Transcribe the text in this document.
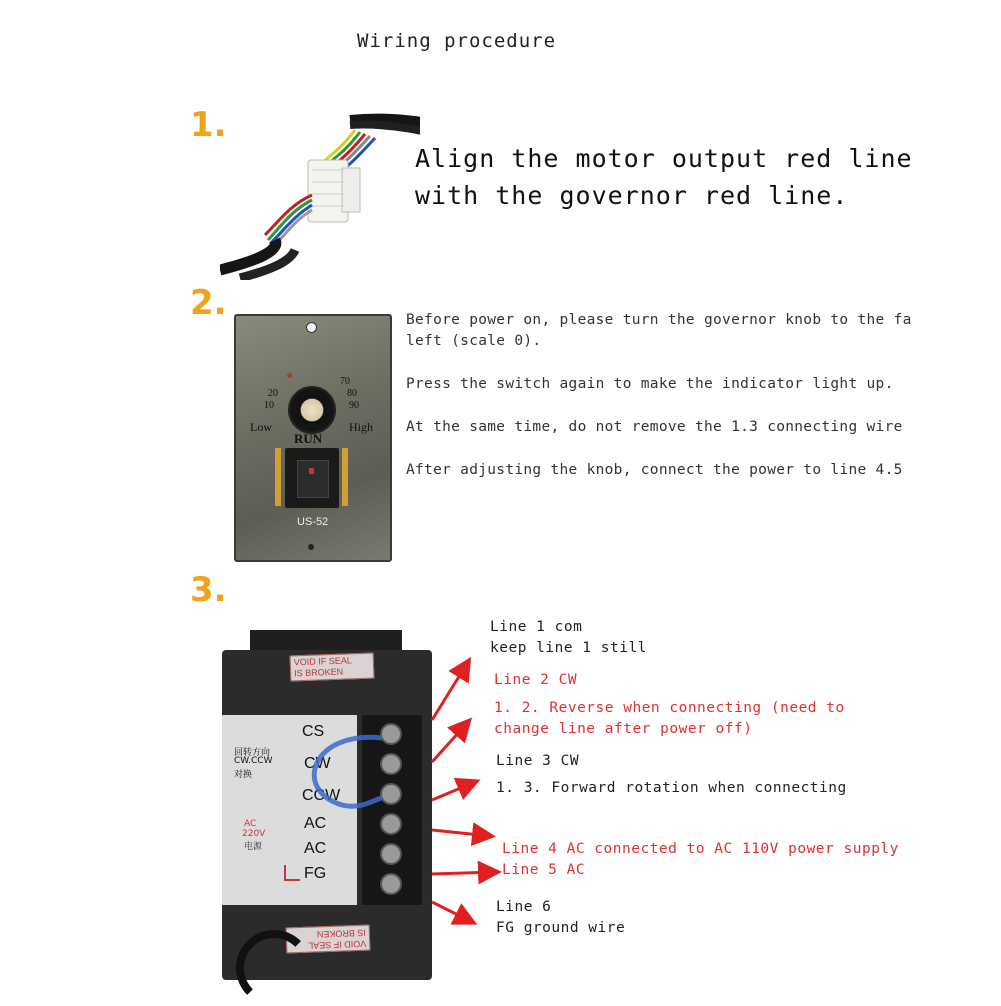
Wiring procedure
1.
Align the motor output red line
with the governor red line.
2.
10
20
70
80
90
Low	High
RUN
US-52
Before power on, please turn the governor knob to the fa
left (scale 0).
Press the switch again to make the indicator light up.
At the same time, do not remove the 1.3 connecting wire
After adjusting the knob, connect the power to line 4.5
3.
VOID IF SEAL
IS BROKEN
回转方向
CW.CCW
对换
AC
220V
电源
CS
CW
CCW
AC
AC
FG
VOID IF SEAL
IS BROKEN
Line 1 com
keep line 1 still
Line 2 CW
1. 2. Reverse when connecting (need to
change line after power off)
Line 3 CW
1. 3. Forward rotation when connecting
Line 4 AC connected to AC 110V power supply
Line 5 AC
Line 6
FG ground wire
